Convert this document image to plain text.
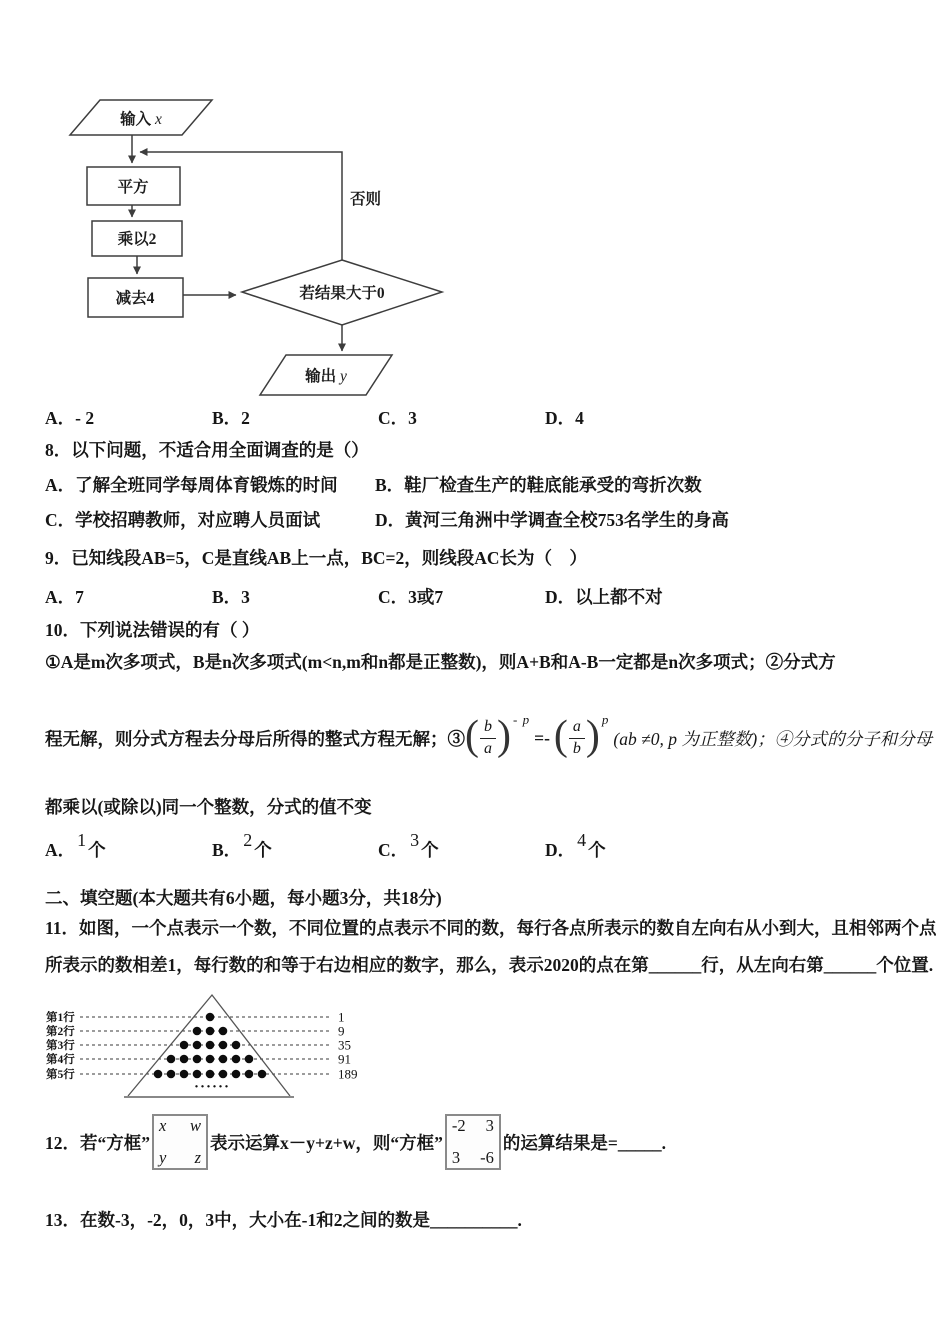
输入 x
平方
乘以2
减去4	若结果大于0
否则
输出 y
A．- 2	B．2	C．3	D．4
8．以下问题，不适合用全面调查的是（）
A．了解全班同学每周体育锻炼的时间 B．鞋厂检查生产的鞋底能承受的弯折次数
C．学校招聘教师，对应聘人员面试	D．黄河三角洲中学调查全校753名学生的身高
9．已知线段AB=5，C是直线AB上一点，BC=2，则线段AC长为（　）
A．7	B．3	C．3或7	D．以上都不对
10．下列说法错误的有（ ）
①A是m次多项式，B是n次多项式(m<n,m和n都是正整数)，则A+B和A-B一定都是n次多项式；②分式方
程无解，则分式方程去分母后所得的整式方程无解；③ ( $\frac{b}{a}$ ) - p
=- ( $\frac{a}{b}$ ) p
(ab ≠0, p 为正整数)；④分式的分子和分母
都乘以(或除以)同一个整数，分式的值不变
A． 1 个	B． 2 个	C． 3 个	D． 4 个
二、填空题(本大题共有6小题，每小题3分，共18分)
11．如图，一个点表示一个数，不同位置的点表示不同的数，每行各点所表示的数自左向右从小到大，且相邻两个点
所表示的数相差1，每行数的和等于右边相应的数字，那么，表示2020的点在第______行，从左向右第______个位置.
······
第1行	1
第2行	9
第3行	35
第4行	91
第5行	189
12．若“方框”
x w
y z
表示运算x－y+z+w，则“方框”
-2 3
3 -6
的运算结果是=_____.
13．在数-3，-2，0，3中，大小在-1和2之间的数是__________.
